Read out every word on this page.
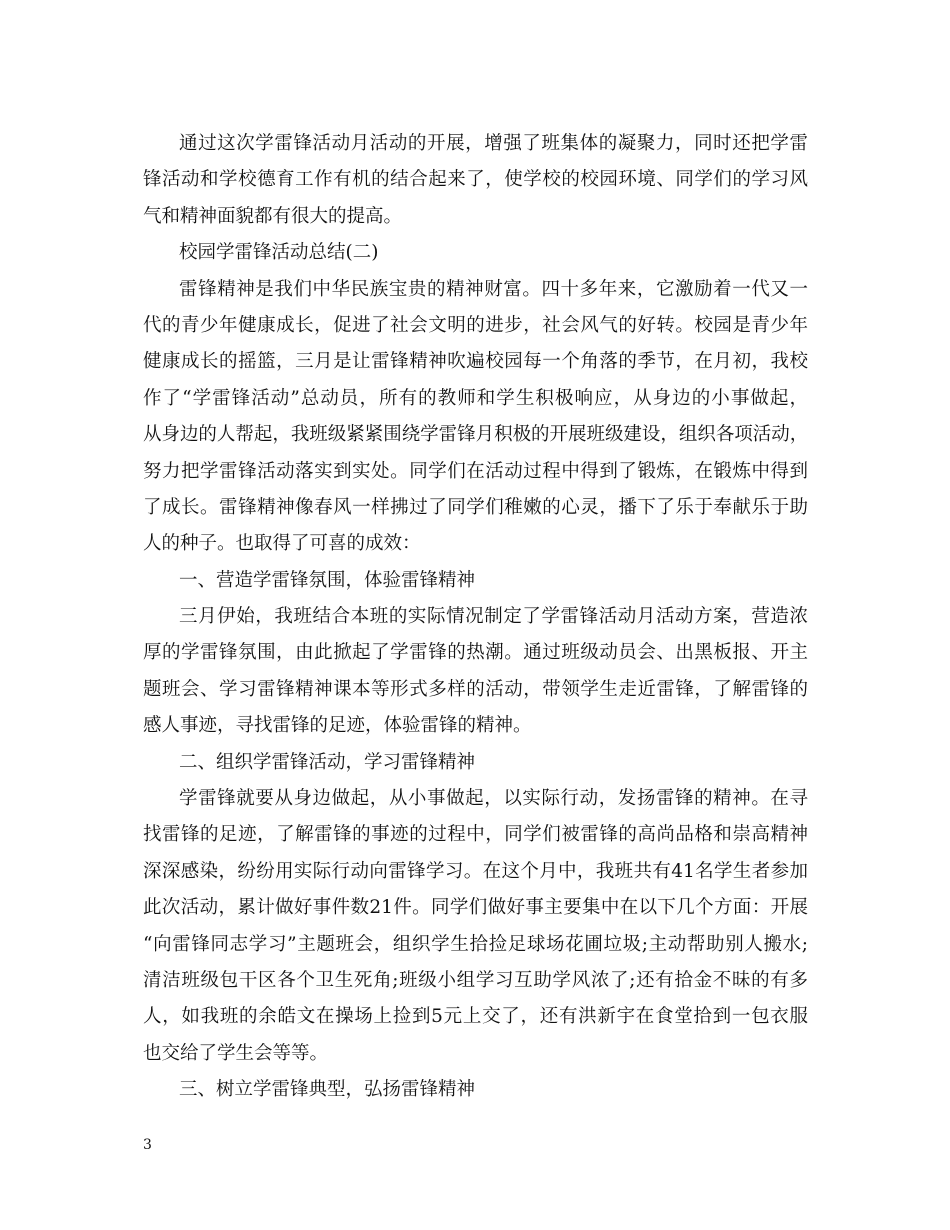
通过这次学雷锋活动月活动的开展，增强了班集体的凝聚力，同时还把学雷
锋活动和学校德育工作有机的结合起来了，使学校的校园环境、同学们的学习风
气和精神面貌都有很大的提高。
校园学雷锋活动总结(二)
雷锋精神是我们中华民族宝贵的精神财富。四十多年来，它激励着一代又一
代的青少年健康成长，促进了社会文明的进步，社会风气的好转。校园是青少年
健康成长的摇篮，三月是让雷锋精神吹遍校园每一个角落的季节，在月初，我校
作了“学雷锋活动”总动员，所有的教师和学生积极响应，从身边的小事做起，
从身边的人帮起，我班级紧紧围绕学雷锋月积极的开展班级建设，组织各项活动，
努力把学雷锋活动落实到实处。同学们在活动过程中得到了锻炼，在锻炼中得到
了成长。雷锋精神像春风一样拂过了同学们稚嫩的心灵，播下了乐于奉献乐于助
人的种子。也取得了可喜的成效：
一、营造学雷锋氛围，体验雷锋精神
三月伊始，我班结合本班的实际情况制定了学雷锋活动月活动方案，营造浓
厚的学雷锋氛围，由此掀起了学雷锋的热潮。通过班级动员会、出黑板报、开主
题班会、学习雷锋精神课本等形式多样的活动，带领学生走近雷锋，了解雷锋的
感人事迹，寻找雷锋的足迹，体验雷锋的精神。
二、组织学雷锋活动，学习雷锋精神
学雷锋就要从身边做起，从小事做起，以实际行动，发扬雷锋的精神。在寻
找雷锋的足迹，了解雷锋的事迹的过程中，同学们被雷锋的高尚品格和崇高精神
深深感染，纷纷用实际行动向雷锋学习。在这个月中，我班共有41名学生者参加
此次活动，累计做好事件数21件。同学们做好事主要集中在以下几个方面：开展
“向雷锋同志学习”主题班会，组织学生拾捡足球场花圃垃圾;主动帮助别人搬水;
清洁班级包干区各个卫生死角;班级小组学习互助学风浓了;还有拾金不昧的有多
人，如我班的余皓文在操场上捡到5元上交了，还有洪新宇在食堂拾到一包衣服
也交给了学生会等等。
三、树立学雷锋典型，弘扬雷锋精神
3
